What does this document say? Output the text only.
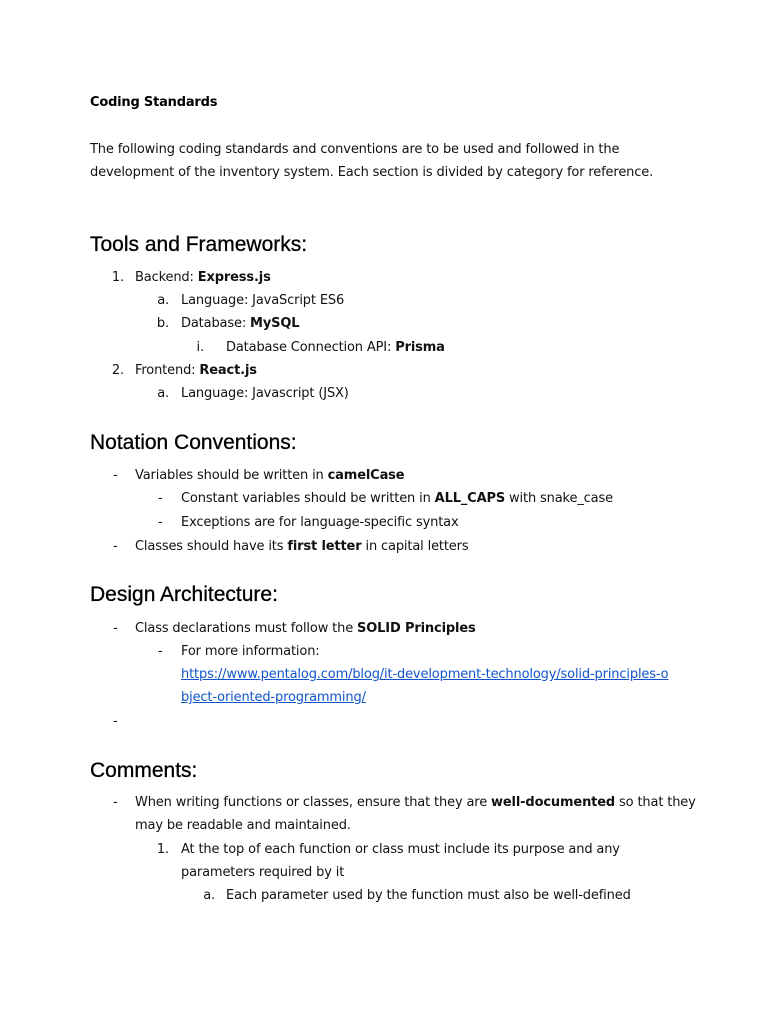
Coding Standards
The following coding standards and conventions are to be used and followed in the
development of the inventory system. Each section is divided by category for reference.
Tools and Frameworks:
1. Backend: Express.js
a. Language: JavaScript ES6
b. Database: MySQL
i. Database Connection API: Prisma
2. Frontend: React.js
a. Language: Javascript (JSX)
Notation Conventions:
- Variables should be written in camelCase
- Constant variables should be written in ALL_CAPS with snake_case
- Exceptions are for language-specific syntax
- Classes should have its first letter in capital letters
Design Architecture:
- Class declarations must follow the SOLID Principles
- For more information:
https://www.pentalog.com/blog/it-development-technology/solid-principles-o
bject-oriented-programming/
-
Comments:
- When writing functions or classes, ensure that they are well-documented so that they
may be readable and maintained.
1. At the top of each function or class must include its purpose and any
parameters required by it
a. Each parameter used by the function must also be well-defined
